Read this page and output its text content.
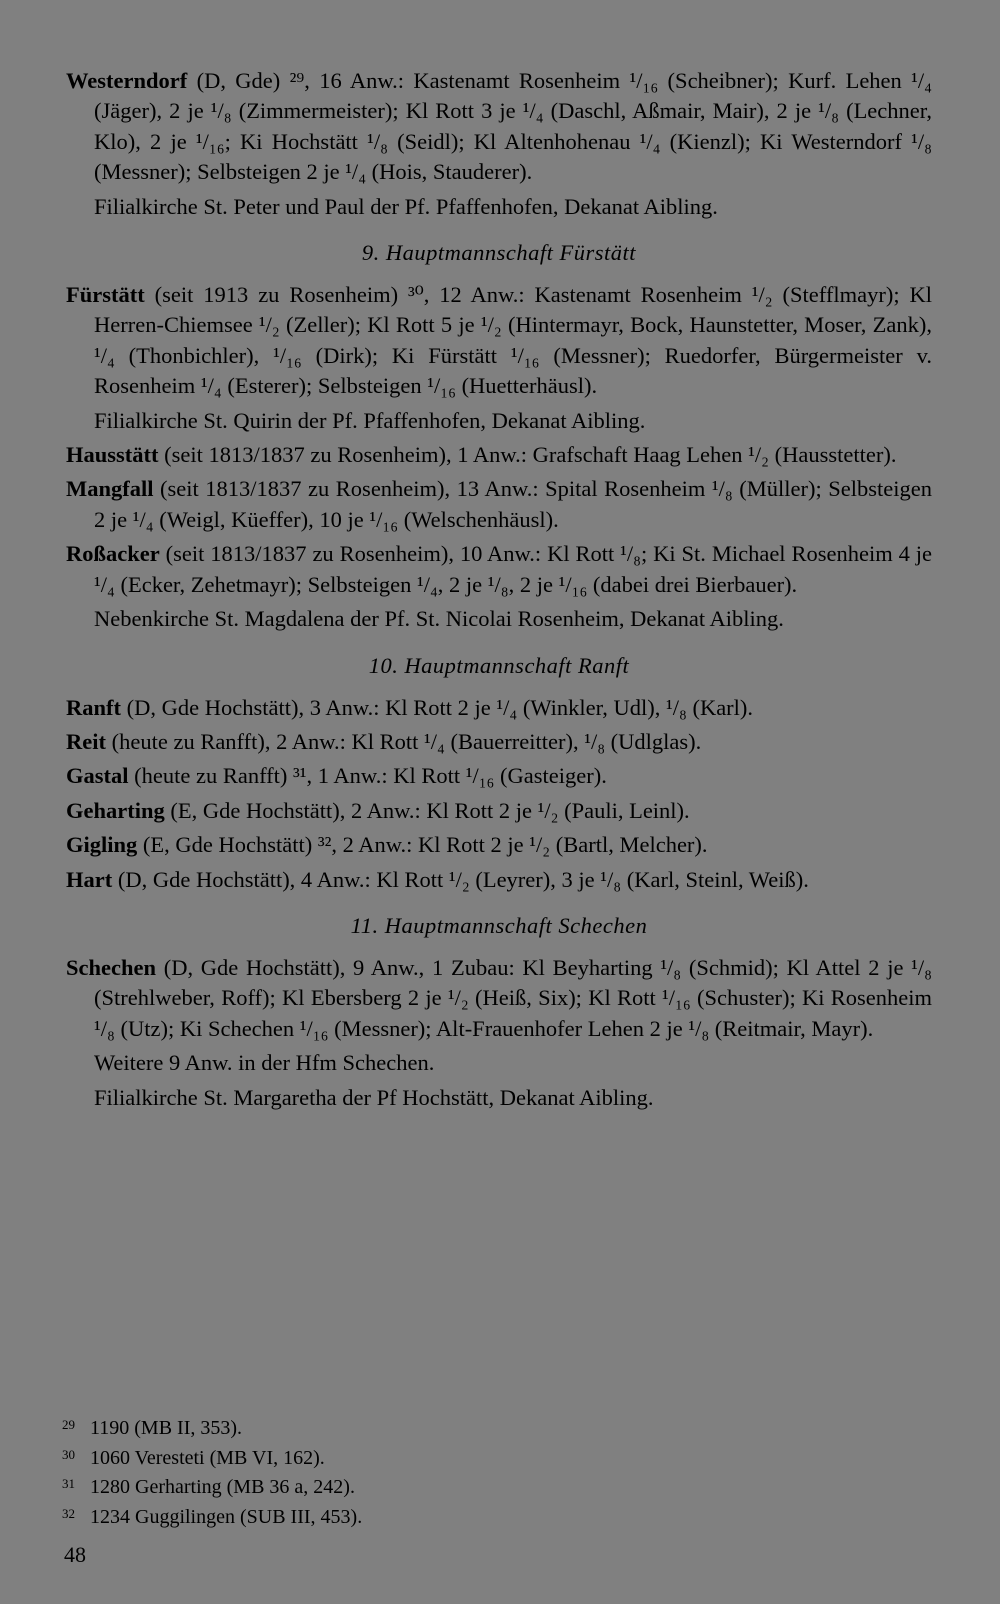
Westerndorf (D, Gde) ²⁹, 16 Anw.: Kastenamt Rosenheim ¹/₁₆ (Scheibner); Kurf. Lehen ¹/₄ (Jäger), 2 je ¹/₈ (Zimmermeister); Kl Rott 3 je ¹/₄ (Daschl, Aßmair, Mair), 2 je ¹/₈ (Lechner, Klo), 2 je ¹/₁₆; Ki Hochstätt ¹/₈ (Seidl); Kl Altenhohenau ¹/₄ (Kienzl); Ki Westerndorf ¹/₈ (Messner); Selbsteigen 2 je ¹/₄ (Hois, Stauderer).

Filialkirche St. Peter und Paul der Pf. Pfaffenhofen, Dekanat Aibling.

9. Hauptmannschaft Fürstätt

Fürstätt (seit 1913 zu Rosenheim) ³⁰, 12 Anw.: Kastenamt Rosenheim ¹/₂ (Stefflmayr); Kl Herren-Chiemsee ¹/₂ (Zeller); Kl Rott 5 je ¹/₂ (Hintermayr, Bock, Haunstetter, Moser, Zank), ¹/₄ (Thonbichler), ¹/₁₆ (Dirk); Ki Fürstätt ¹/₁₆ (Messner); Ruedorfer, Bürgermeister v. Rosenheim ¹/₄ (Esterer); Selbsteigen ¹/₁₆ (Huetterhäusl).

Filialkirche St. Quirin der Pf. Pfaffenhofen, Dekanat Aibling.

Hausstätt (seit 1813/1837 zu Rosenheim), 1 Anw.: Grafschaft Haag Lehen ¹/₂ (Hausstetter).

Mangfall (seit 1813/1837 zu Rosenheim), 13 Anw.: Spital Rosenheim ¹/₈ (Müller); Selbsteigen 2 je ¹/₄ (Weigl, Küeffer), 10 je ¹/₁₆ (Welschenhäusl).

Roßacker (seit 1813/1837 zu Rosenheim), 10 Anw.: Kl Rott ¹/₈; Ki St. Michael Rosenheim 4 je ¹/₄ (Ecker, Zehetmayr); Selbsteigen ¹/₄, 2 je ¹/₈, 2 je ¹/₁₆ (dabei drei Bierbauer).

Nebenkirche St. Magdalena der Pf. St. Nicolai Rosenheim, Dekanat Aibling.

10. Hauptmannschaft Ranft

Ranft (D, Gde Hochstätt), 3 Anw.: Kl Rott 2 je ¹/₄ (Winkler, Udl), ¹/₈ (Karl).

Reit (heute zu Ranfft), 2 Anw.: Kl Rott ¹/₄ (Bauerreitter), ¹/₈ (Udlglas).

Gastal (heute zu Ranfft) ³¹, 1 Anw.: Kl Rott ¹/₁₆ (Gasteiger).

Geharting (E, Gde Hochstätt), 2 Anw.: Kl Rott 2 je ¹/₂ (Pauli, Leinl).

Gigling (E, Gde Hochstätt) ³², 2 Anw.: Kl Rott 2 je ¹/₂ (Bartl, Melcher).

Hart (D, Gde Hochstätt), 4 Anw.: Kl Rott ¹/₂ (Leyrer), 3 je ¹/₈ (Karl, Steinl, Weiß).

11. Hauptmannschaft Schechen

Schechen (D, Gde Hochstätt), 9 Anw., 1 Zubau: Kl Beyharting ¹/₈ (Schmid); Kl Attel 2 je ¹/₈ (Strehlweber, Roff); Kl Ebersberg 2 je ¹/₂ (Heiß, Six); Kl Rott ¹/₁₆ (Schuster); Ki Rosenheim ¹/₈ (Utz); Ki Schechen ¹/₁₆ (Messner); Alt-Frauenhofer Lehen 2 je ¹/₈ (Reitmair, Mayr).

Weitere 9 Anw. in der Hfm Schechen.

Filialkirche St. Margaretha der Pf Hochstätt, Dekanat Aibling.

29 1190 (MB II, 353).
30 1060 Veresteti (MB VI, 162).
31 1280 Gerharting (MB 36 a, 242).
32 1234 Guggilingen (SUB III, 453).
48
